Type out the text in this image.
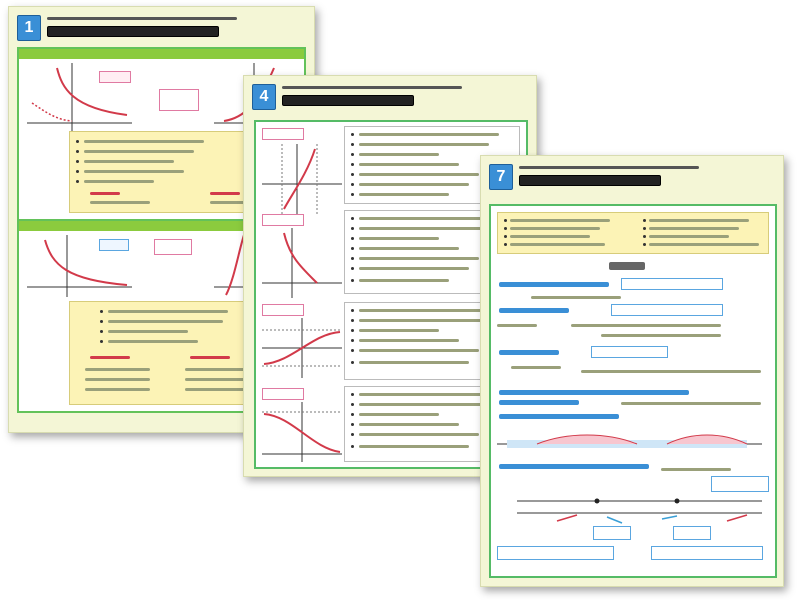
1
4
7
